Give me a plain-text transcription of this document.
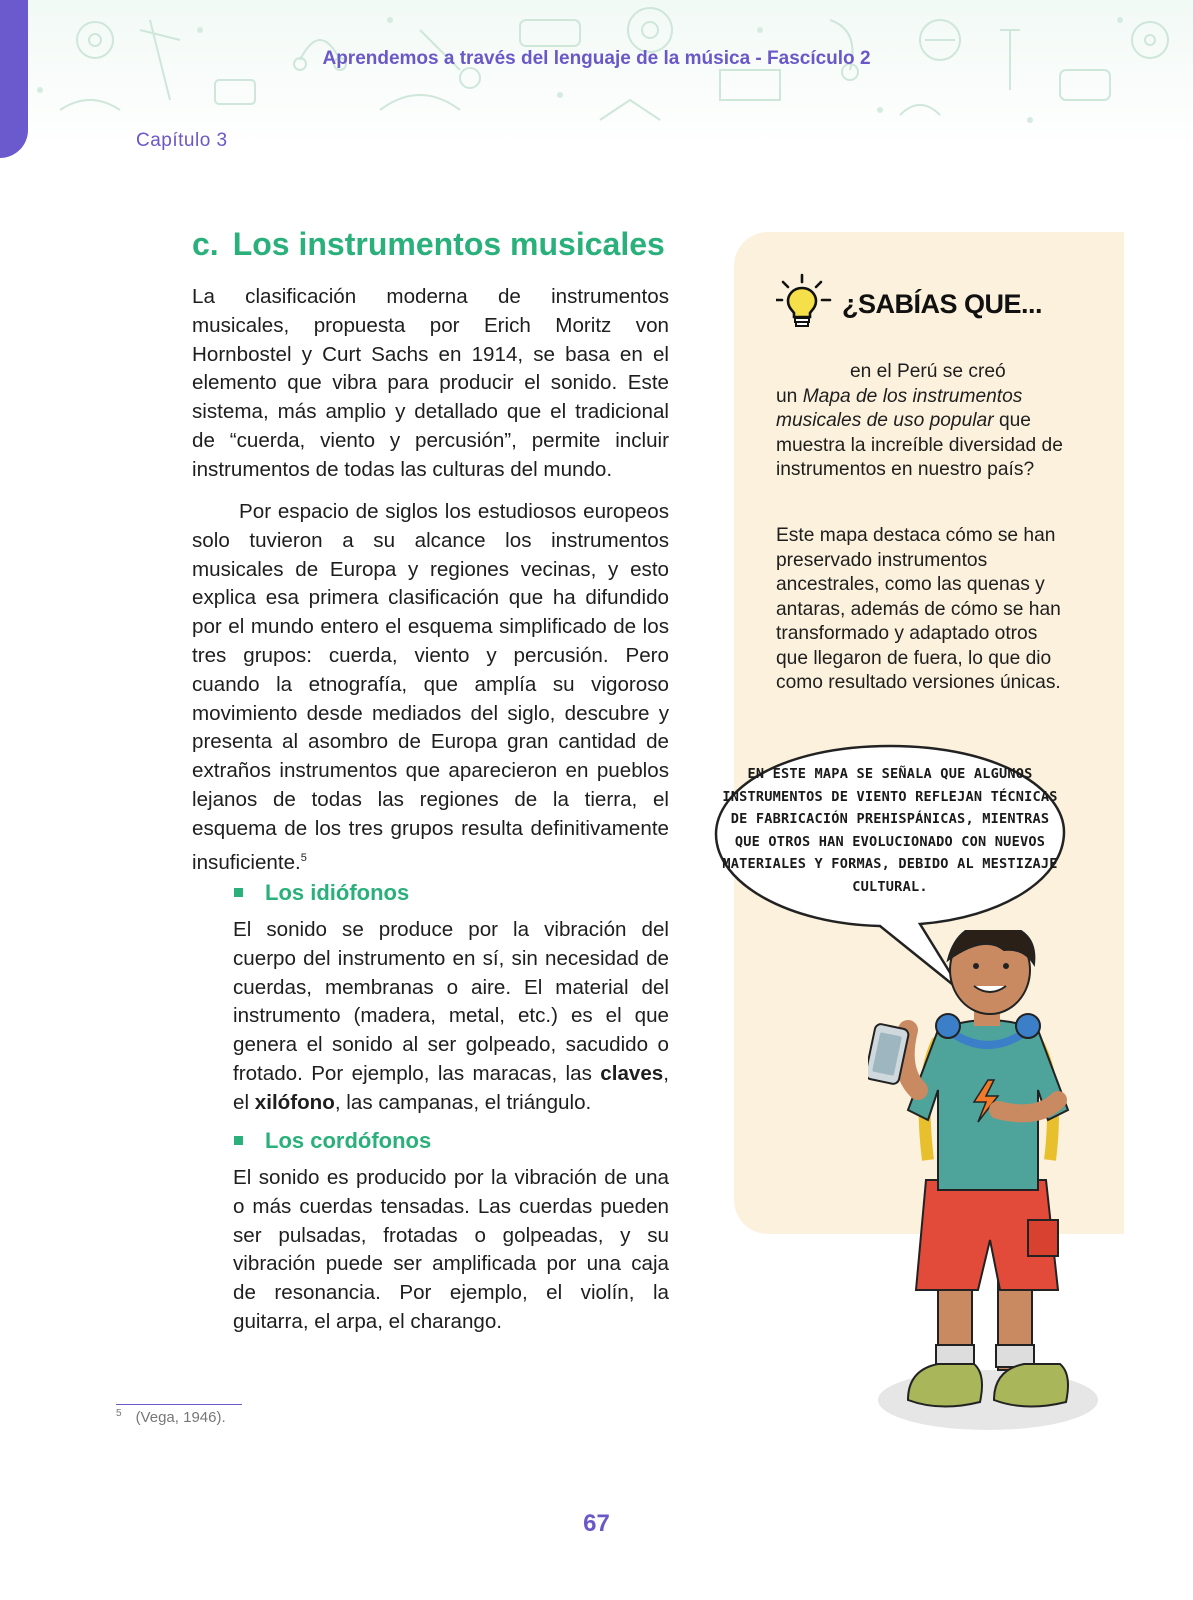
Aprendemos a través del lenguaje de la música - Fascículo 2
Capítulo 3
c. Los instrumentos musicales

La clasificación moderna de instrumentos musicales, propuesta por Erich Moritz von Hornbostel y Curt Sachs en 1914, se basa en el elemento que vibra para producir el sonido. Este sistema, más amplio y detallado que el tradicional de “cuerda, viento y percusión”, permite incluir instrumentos de todas las culturas del mundo.

Por espacio de siglos los estudiosos europeos solo tuvieron a su alcance los instrumentos musicales de Europa y regiones vecinas, y esto explica esa primera clasificación que ha difundido por el mundo entero el esquema simplificado de los tres grupos: cuerda, viento y percusión. Pero cuando la etnografía, que amplía su vigoroso movimiento desde mediados del siglo, descubre y presenta al asombro de Europa gran cantidad de extraños instrumentos que aparecieron en pueblos lejanos de todas las regiones de la tierra, el esquema de los tres grupos resulta definitivamente insuficiente.$^5$

Los idiófonos

El sonido se produce por la vibración del cuerpo del instrumento en sí, sin necesidad de cuerdas, membranas o aire. El material del instrumento (madera, metal, etc.) es el que genera el sonido al ser golpeado, sacudido o frotado. Por ejemplo, las maracas, las claves, el xilófono, las campanas, el triángulo.

Los cordófonos

El sonido es producido por la vibración de una o más cuerdas tensadas. Las cuerdas pueden ser pulsadas, frotadas o golpeadas, y su vibración puede ser amplificada por una caja de resonancia. Por ejemplo, el violín, la guitarra, el arpa, el charango.

$^5$ (Vega, 1946).
¿SABÍAS QUE...

en el Perú se creó
un Mapa de los instrumentos musicales de uso popular que muestra la increíble diversidad de instrumentos en nuestro país?

Este mapa destaca cómo se han preservado instrumentos ancestrales, como las quenas y antaras, además de cómo se han transformado y adaptado otros que llegaron de fuera, lo que dio como resultado versiones únicas.

EN ESTE MAPA SE SEÑALA QUE ALGUNOS INSTRUMENTOS DE VIENTO REFLEJAN TÉCNICAS DE FABRICACIÓN PREHISPÁNICAS, MIENTRAS QUE OTROS HAN EVOLUCIONADO CON NUEVOS MATERIALES Y FORMAS, DEBIDO AL MESTIZAJE CULTURAL.
67
